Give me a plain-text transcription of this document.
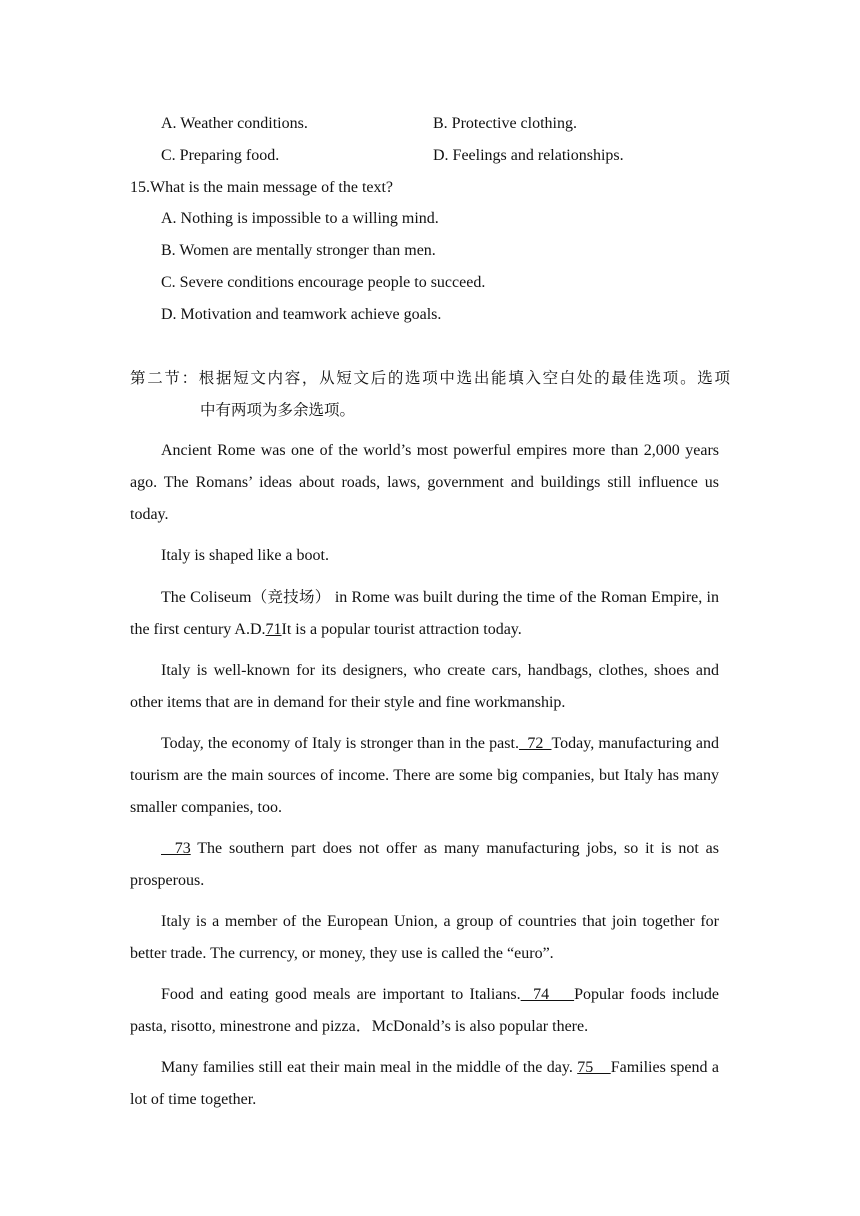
A. Weather conditions.	B. Protective clothing.
C. Preparing food.	D. Feelings and relationships.
15.What is the main message of the text?
A. Nothing is impossible to a willing mind.
B. Women are mentally stronger than men.
C. Severe conditions encourage people to succeed.
D. Motivation and teamwork achieve goals.
第二节：根据短文内容，从短文后的选项中选出能填入空白处的最佳选项。选项
中有两项为多余选项。
Ancient Rome was one of the world’s most powerful empires more than 2,000 years ago. The Romans’ ideas about roads, laws, government and buildings still influence us today.
Italy is shaped like a boot.
The Coliseum（竞技场） in Rome was built during the time of the Roman Empire, in the first century A.D.71It is a popular tourist attraction today.
Italy is well-known for its designers, who create cars, handbags, clothes, shoes and other items that are in demand for their style and fine workmanship.
Today, the economy of Italy is stronger than in the past.  72  Today, manufacturing and tourism are the main sources of income. There are some big companies, but Italy has many smaller companies, too.
73 The southern part does not offer as many manufacturing jobs, so it is not as prosperous.
Italy is a member of the European Union, a group of countries that join together for better trade. The currency, or money, they use is called the “euro”.
Food and eating good meals are important to Italians.  74    Popular foods include pasta, risotto, minestrone and pizza．McDonald’s is also popular there.
Many families still eat their main meal in the middle of the day. 75    Families spend a lot of time together.
